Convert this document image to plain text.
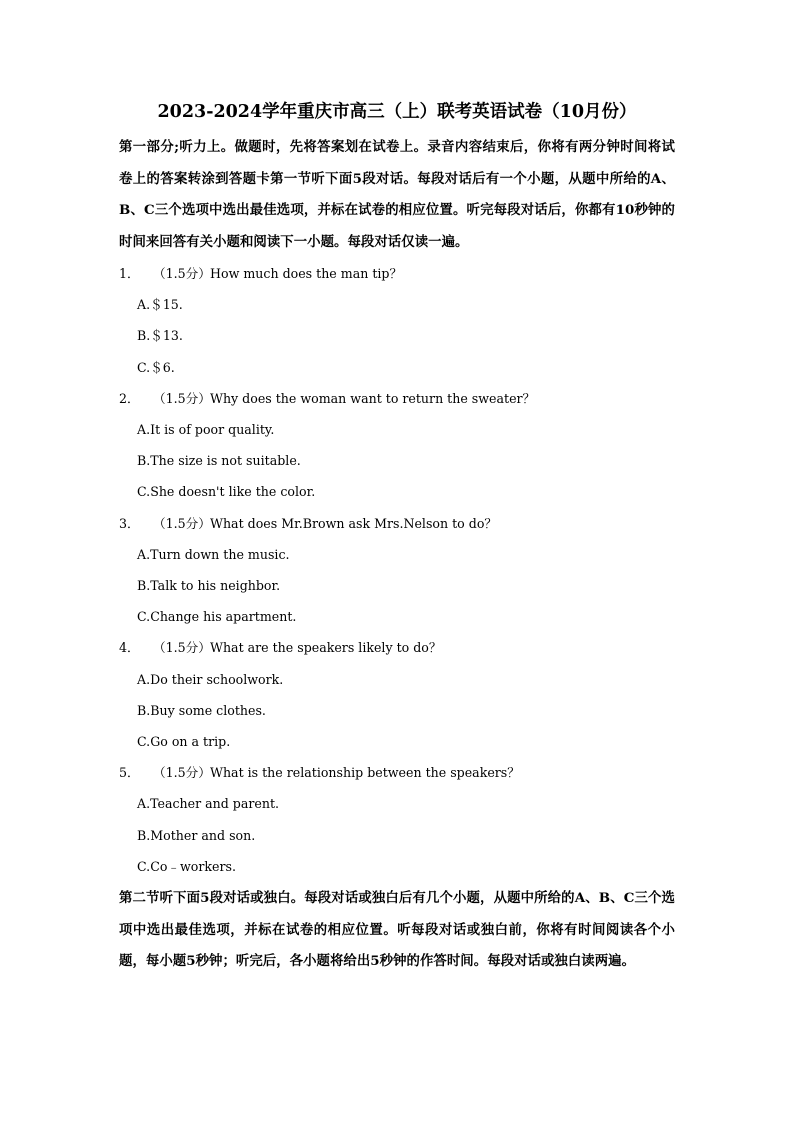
2023-2024学年重庆市高三（上）联考英语试卷（10月份）

第一部分;听力上。做题时，先将答案划在试卷上。录音内容结束后，你将有两分钟时间将试卷上的答案转涂到答题卡第一节听下面5段对话。每段对话后有一个小题，从题中所给的A、B、C三个选项中选出最佳选项，并标在试卷的相应位置。听完每段对话后，你都有10秒钟的时间来回答有关小题和阅读下一小题。每段对话仅读一遍。

1． （1.5分）How much does the man tip？

A.＄15.

B.＄13.

C.＄6.

2． （1.5分）Why does the woman want to return the sweater？

A.It is of poor quality.

B.The size is not suitable.

C.She doesn't like the color.

3． （1.5分）What does Mr.Brown ask Mrs.Nelson to do？

A.Turn down the music.

B.Talk to his neighbor.

C.Change his apartment.

4． （1.5分）What are the speakers likely to do？

A.Do their schoolwork.

B.Buy some clothes.

C.Go on a trip.

5． （1.5分）What is the relationship between the speakers？

A.Teacher and parent.

B.Mother and son.

C.Co﹣workers.

第二节听下面5段对话或独白。每段对话或独白后有几个小题，从题中所给的A、B、C三个选项中选出最佳选项，并标在试卷的相应位置。听每段对话或独白前，你将有时间阅读各个小题，每小题5秒钟；听完后，各小题将给出5秒钟的作答时间。每段对话或独白读两遍。
